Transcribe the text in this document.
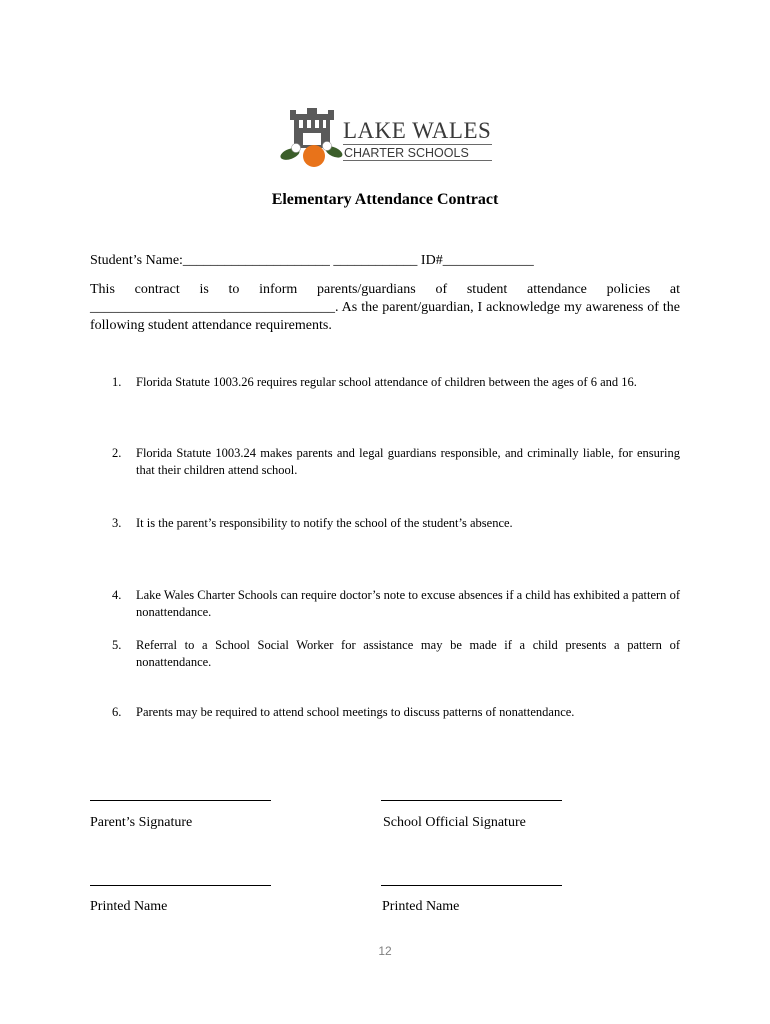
LAKE WALES
CHARTER SCHOOLS
Elementary Attendance Contract
Student’s Name:_____________________ ____________ ID#_____________
This contract is to inform parents/guardians of student attendance policies at ___________________________________. As the parent/guardian, I acknowledge my awareness of the following student attendance requirements.
1.	Florida Statute 1003.26 requires regular school attendance of children between the ages of 6 and 16.
2.	Florida Statute 1003.24 makes parents and legal guardians responsible, and criminally liable, for ensuring that their children attend school.
3.	It is the parent’s responsibility to notify the school of the student’s absence.
4.	Lake Wales Charter Schools can require doctor’s note to excuse absences if a child has exhibited a pattern of nonattendance.
5.	Referral to a School Social Worker for assistance may be made if a child presents a pattern of nonattendance.
6.	Parents may be required to attend school meetings to discuss patterns of nonattendance.
Parent’s Signature	School Official Signature
Printed Name	Printed Name
12
